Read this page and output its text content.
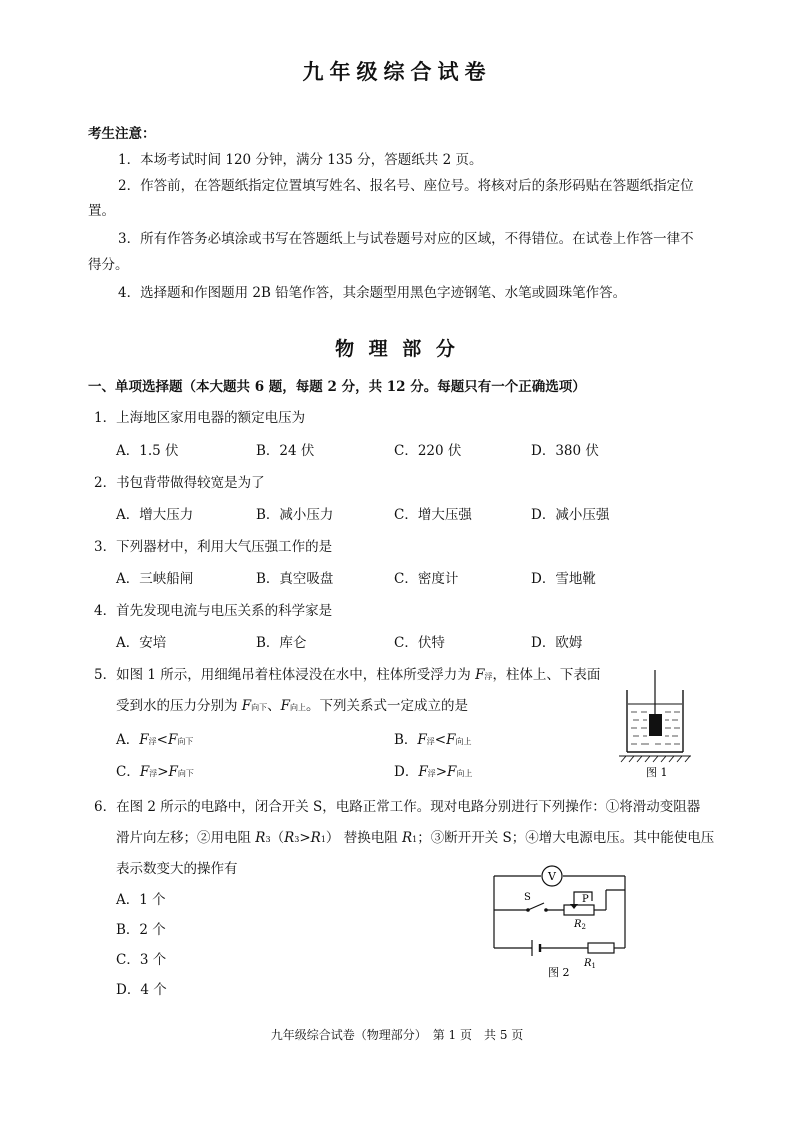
九年级综合试卷
考生注意：
1．本场考试时间 120 分钟，满分 135 分，答题纸共 2 页。
2．作答前，在答题纸指定位置填写姓名、报名号、座位号。将核对后的条形码贴在答题纸指定位
置。
3．所有作答务必填涂或书写在答题纸上与试卷题号对应的区域，不得错位。在试卷上作答一律不
得分。
4．选择题和作图题用 2B 铅笔作答，其余题型用黑色字迹钢笔、水笔或圆珠笔作答。
物 理 部 分
一、单项选择题（本大题共 6 题，每题 2 分，共 12 分。每题只有一个正确选项）
1．上海地区家用电器的额定电压为
A．1.5 伏	B．24 伏	C．220 伏	D．380 伏
2．书包背带做得较宽是为了
A．增大压力	B．减小压力	C．增大压强	D．减小压强
3．下列器材中，利用大气压强工作的是
A．三峡船闸	B．真空吸盘	C．密度计	D．雪地靴
4．首先发现电流与电压关系的科学家是
A．安培	B．库仑	C．伏特	D．欧姆
5．如图 1 所示，用细绳吊着柱体浸没在水中，柱体所受浮力为 F浮，柱体上、下表面
受到水的压力分别为 F向下、F向上。下列关系式一定成立的是
A．F浮<F向下	B．F浮<F向上
C．F浮>F向下	D．F浮>F向上	图 1
6．在图 2 所示的电路中，闭合开关 S，电路正常工作。现对电路分别进行下列操作：①将滑动变阻器
滑片向左移；②用电阻 R3（R3>R1） 替换电阻 R1；③断开开关 S；④增大电源电压。其中能使电压
表示数变大的操作有
A．1 个
B．2 个
C．3 个
D．4 个
V
S	P
$R_2$
$R_1$
图 2
九年级综合试卷（物理部分）　第 1 页　共 5 页
